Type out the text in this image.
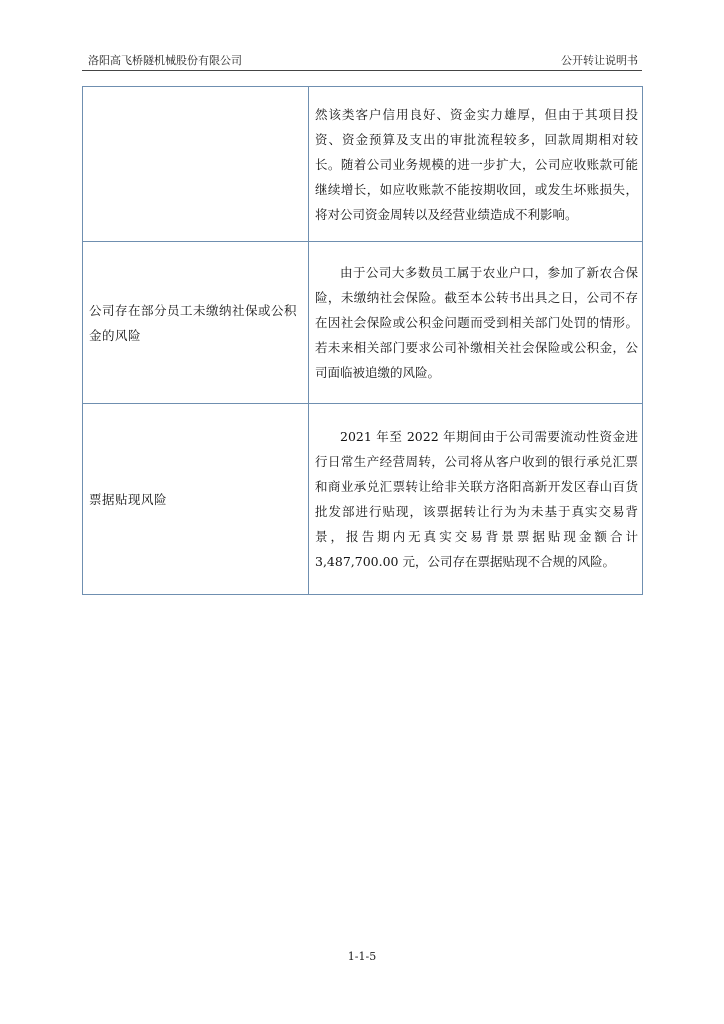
洛阳高飞桥隧机械股份有限公司	公开转让说明书

	然该类客户信用良好、资金实力雄厚，但由于其项目投资、资金预算及支出的审批流程较多，回款周期相对较长。随着公司业务规模的进一步扩大，公司应收账款可能继续增长，如应收账款不能按期收回，或发生坏账损失，将对公司资金周转以及经营业绩造成不利影响。

公司存在部分员工未缴纳社保或公积金的风险	由于公司大多数员工属于农业户口，参加了新农合保险，未缴纳社会保险。截至本公转书出具之日，公司不存在因社会保险或公积金问题而受到相关部门处罚的情形。若未来相关部门要求公司补缴相关社会保险或公积金，公司面临被追缴的风险。

票据贴现风险	2021 年至 2022 年期间由于公司需要流动性资金进行日常生产经营周转，公司将从客户收到的银行承兑汇票和商业承兑汇票转让给非关联方洛阳高新开发区春山百货批发部进行贴现，该票据转让行为为未基于真实交易背景，报告期内无真实交易背景票据贴现金额合计 3,487,700.00 元，公司存在票据贴现不合规的风险。

1-1-5
